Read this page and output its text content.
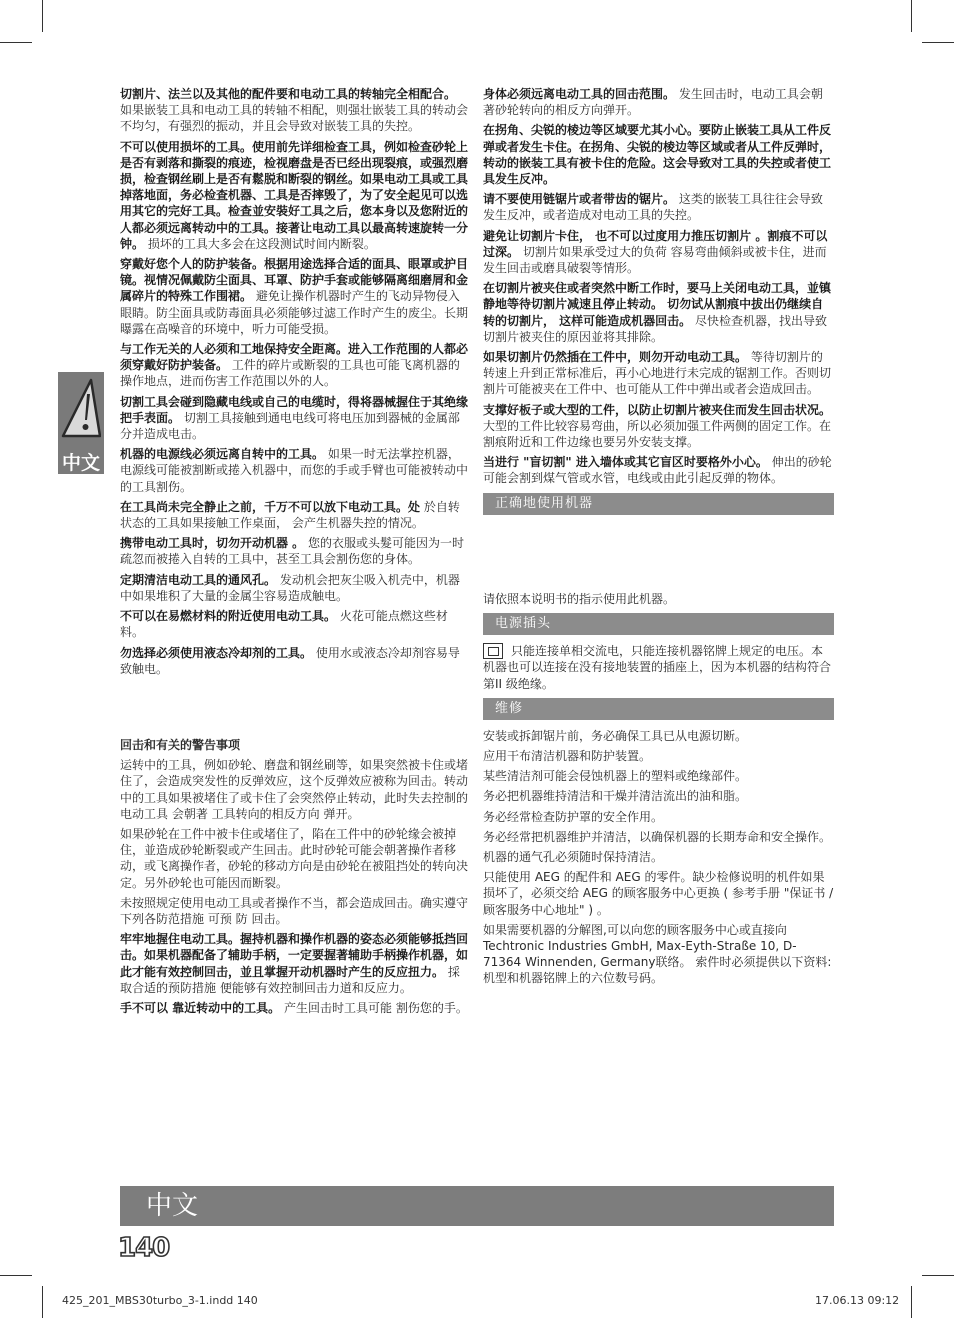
中文

切割片、法兰以及其他的配件要和电动工具的转轴完全相配合。 如果嵌装工具和电动工具的转轴不相配，则强壮嵌装工具的转动会不均匀，有强烈的振动，并且会导致对嵌装工具的失控。

不可以使用损坏的工具。使用前先详细检查工具，例如检查砂轮上是否有剥落和撕裂的痕迹，检视磨盘是否已经出现裂痕，或强烈磨损，检查钢丝刷上是否有鬆脱和断裂的钢丝。如果电动工具或工具掉落地面，务必检查机器、工具是否摔毁了，为了安全起见可以选用其它的完好工具。检查並安裝好工具之后，您本身以及您附近的人都必须远离转动中的工具。接著让电动工具以最高转速旋转一分钟。 损坏的工具大多会在这段测试时间内断裂。

穿戴好您个人的防护装备。根据用途选择合适的面具、眼罩或护目镜。视情况佩戴防尘面具、耳罩、防护手套或能够隔离细磨屑和金属碎片的特殊工作围裙。 避免让操作机器时产生的飞动异物侵入眼睛。防尘面具或防毒面具必须能够过滤工作时产生的废尘。长期曝露在高噪音的环境中，听力可能受损。

与工作无关的人必须和工地保持安全距离。进入工作范围的人都必须穿戴好防护装备。 工件的碎片或断裂的工具也可能飞离机器的操作地点，进而伤害工作范围以外的人。

切割工具会碰到隐藏电线或自己的电缆时，得将器械握住于其绝缘把手表面。 切割工具接触到通电电线可将电压加到器械的金属部分并造成电击。

机器的电源线必须远离自转中的工具。 如果一时无法掌控机器，电源线可能被割断或捲入机器中，而您的手或手臂也可能被转动中的工具割伤。

在工具尚未完全静止之前，千万不可以放下电动工具。处 於自转状态的工具如果接触工作桌面， 会产生机器失控的情况。

携带电动工具时，切勿开动机器 。 您的衣服或头髮可能因为一时疏忽而被捲入自转的工具中，甚至工具会割伤您的身体。

定期清洁电动工具的通风孔。 发动机会把灰尘吸入机壳中，机器中如果堆积了大量的金属尘容易造成触电。

不可以在易燃材料的附近使用电动工具。 火花可能点燃这些材料。

勿选择必须使用液态冷却剂的工具。 使用水或液态冷却剂容易导致触电。

回击和有关的警告事项

运转中的工具，例如砂轮、磨盘和钢丝刷等，如果突然被卡住或堵住了，会造成突发性的反弹效应，这个反弹效应被称为回击。转动中的工具如果被堵住了或卡住了会突然停止转动，此时失去控制的电动工具 会朝著 工具转向的相反方向 弹开。

如果砂轮在工件中被卡住或堵住了，陷在工件中的砂轮缘会被掉住，並造成砂轮断裂或产生回击。此时砂轮可能会朝著操作者移动，或飞离操作者，砂轮的移动方向是由砂轮在被阻挡处的转向决定。另外砂轮也可能因而断裂。

未按照规定使用电动工具或者操作不当，都会造成回击。确实遵守下列各防范措施 可预 防 回击。

牢牢地握住电动工具。握持机器和操作机器的姿态必须能够抵挡回击。如果机器配备了辅助手柄，一定要握著辅助手柄操作机器，如此才能有效控制回击，並且掌握开动机器时产生的反应扭力。 採取合适的预防措施 便能够有效控制回击力道和反应力。

手不可以 靠近转动中的工具。 产生回击时工具可能 割伤您的手。

身体必须远离电动工具的回击范围。 发生回击时，电动工具会朝著砂轮转向的相反方向弹开。

在拐角、尖锐的棱边等区域要尤其小心。要防止嵌装工具从工件反弹或者发生卡住。在拐角、尖锐的棱边等区域或者从工件反弹时，转动的嵌装工具有被卡住的危险。这会导致对工具的失控或者使工具发生反冲。

请不要使用链锯片或者带齿的锯片。 这类的嵌装工具往往会导致发生反冲，或者造成对电动工具的失控。

避免让切割片卡住， 也不可以过度用力推压切割片 。割痕不可以过深。 切割片如果承受过大的负荷 容易弯曲倾斜或被卡住，进而发生回击或磨具破裂等情形。

在切割片被夹住或者突然中断工作时，要马上关闭电动工具，並镇静地等待切割片减速且停止转动。 切勿试从割痕中拔出仍继续自转的切割片， 这样可能造成机器回击。 尽快检查机器，找出导致切割片被夹住的原因並将其排除。

如果切割片仍然插在工件中，则勿开动电动工具。 等待切割片的转速上升到正常标准后，再小心地进行未完成的锯割工作。否则切割片可能被夹在工件中、也可能从工件中弹出或者会造成回击。

支撑好板子或大型的工件，以防止切割片被夹住而发生回击状况。 大型的工件比较容易弯曲，所以必须加强工件两侧的固定工作。在割痕附近和工件边缘也要另外安装支撑。

当进行 "盲切割" 进入墙体或其它盲区时要格外小心。 伸出的砂轮可能会割到煤气管或水管，电线或由此引起反弹的物体。

正确地使用机器

请依照本说明书的指示使用此机器。

电源插头

只能连接单相交流电，只能连接机器铭牌上规定的电压。本机器也可以连接在没有接地装置的插座上，因为本机器的结构符合第II 级绝缘。

维修

安装或拆卸锯片前，务必确保工具已从电源切断。

应用干布清洁机器和防护装置。

某些清洁剂可能会侵蚀机器上的塑料或绝缘部件。

务必把机器维持清洁和干燥并清洁流出的油和脂。

务必经常检查防护罩的安全作用。

务必经常把机器维护并清洁，以确保机器的长期寿命和安全操作。

机器的通气孔必须随时保持清洁。

只能使用 AEG 的配件和 AEG 的零件。缺少检修说明的机件如果损坏了，必须交给 AEG 的顾客服务中心更换 ( 参考手册 "保证书 / 顾客服务中心地址" ) 。

如果需要机器的分解图,可以向您的顾客服务中心或直接向 Techtronic Industries GmbH, Max-Eyth-Straße 10, D-71364 Winnenden, Germany联络。 索件时必须提供以下资料: 机型和机器铭牌上的六位数号码。

中文
140
425_201_MBS30turbo_3-1.indd 140	17.06.13 09:12
